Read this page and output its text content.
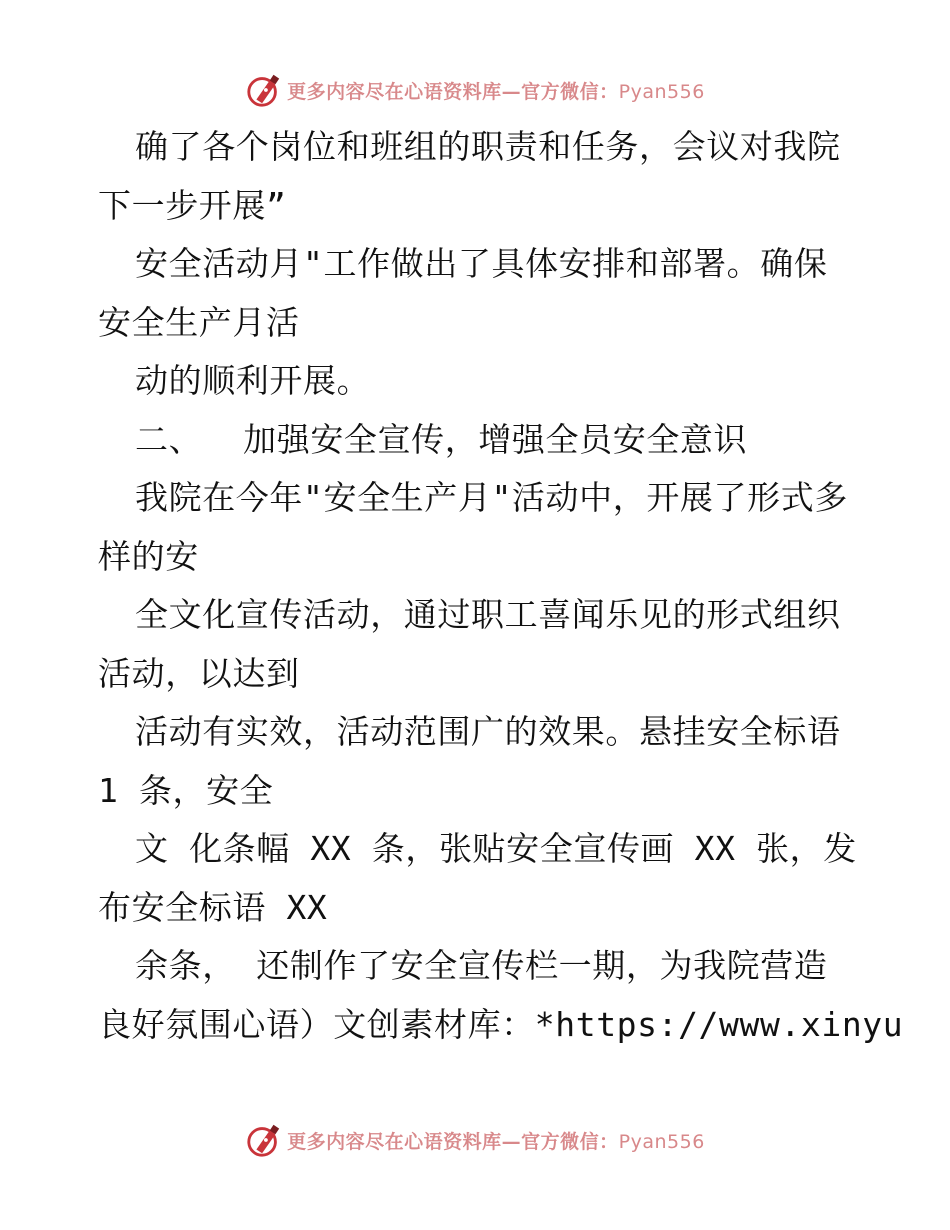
更多内容尽在心语资料库—官方微信：Pyan556
确了各个岗位和班组的职责和任务，会议对我院
下一步开展”
安全活动月"工作做出了具体安排和部署。确保
安全生产月活
动的顺利开展。
二、  加强安全宣传，增强全员安全意识
我院在今年"安全生产月"活动中，开展了形式多
样的安
全文化宣传活动，通过职工喜闻乐见的形式组织
活动，以达到
活动有实效，活动范围广的效果。悬挂安全标语
1 条，安全
文 化条幅 XX 条，张贴安全宣传画 XX 张，发
布安全标语 XX
余条， 还制作了安全宣传栏一期，为我院营造
良好氛围心语）文创素材库：*https://www.xinyu
更多内容尽在心语资料库—官方微信：Pyan556
